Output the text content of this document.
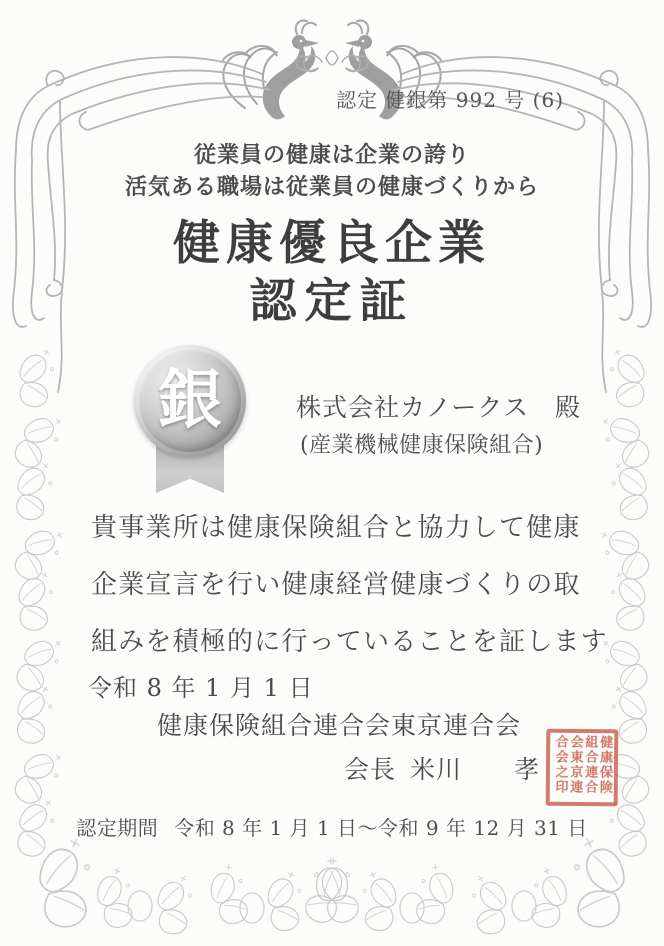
認定 健銀第 992 号 (6)
従業員の健康は企業の誇り
活気ある職場は従業員の健康づくりから
健康優良企業
認定証
銀	株式会社カノークス　殿
(産業機械健康保険組合)

貴事業所は健康保険組合と協力して健康

企業宣言を行い健康経営健康づくりの取

組みを積極的に行っていることを証します

令和 8 年 1 月 1 日
健康保険組合連合会東京連合会
会長 米川　　孝	健康保険
組合連合
会東京連
合会之印
認定期間 令和 8 年 1 月 1 日～令和 9 年 12 月 31 日
